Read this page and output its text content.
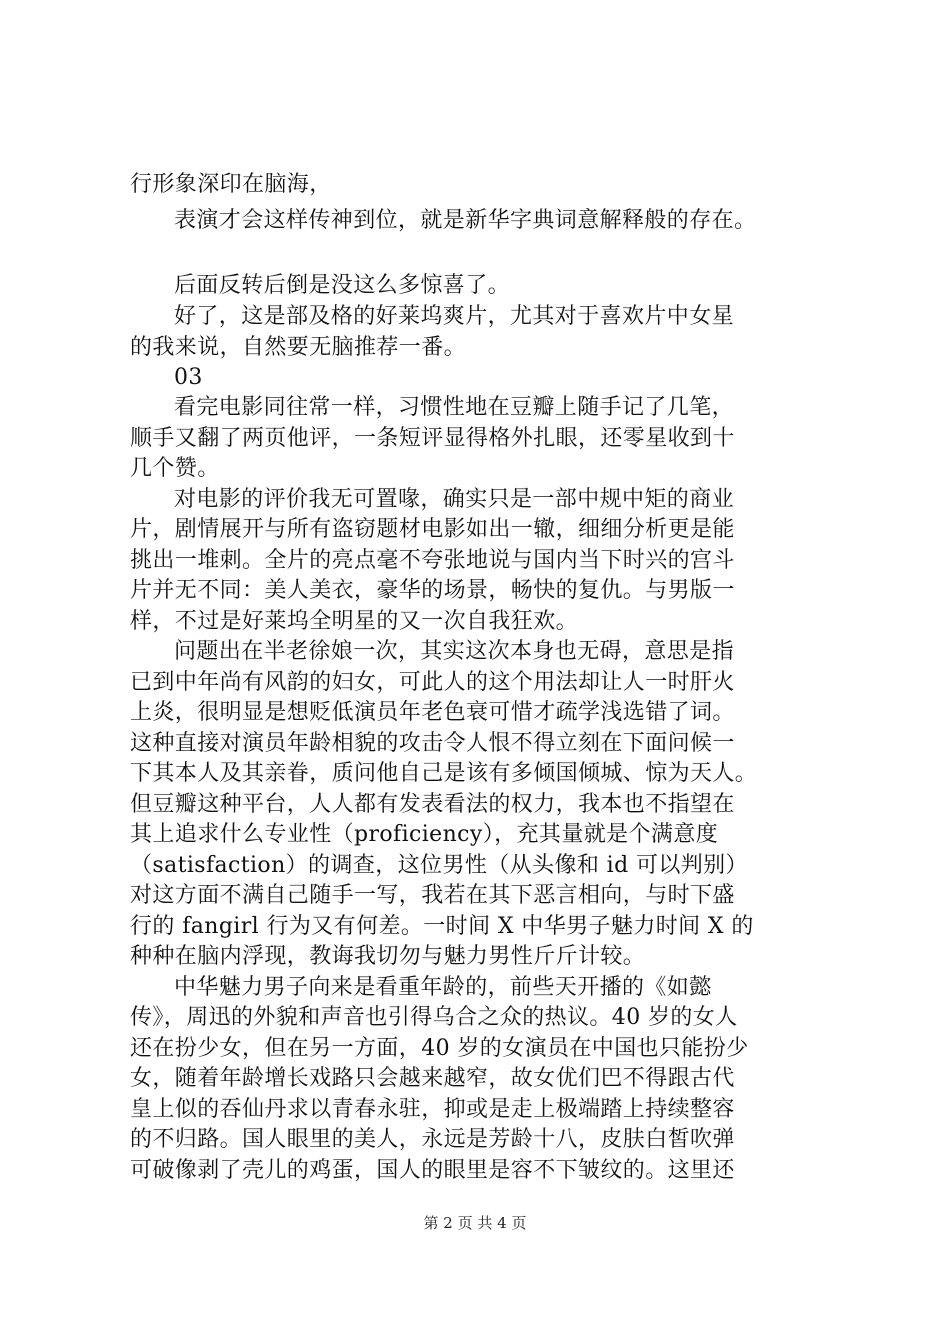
行形象深印在脑海，
表演才会这样传神到位，就是新华字典词意解释般的存在。
后面反转后倒是没这么多惊喜了。
好了，这是部及格的好莱坞爽片，尤其对于喜欢片中女星
的我来说，自然要无脑推荐一番。
03
看完电影同往常一样，习惯性地在豆瓣上随手记了几笔，
顺手又翻了两页他评，一条短评显得格外扎眼，还零星收到十
几个赞。
对电影的评价我无可置喙，确实只是一部中规中矩的商业
片，剧情展开与所有盗窃题材电影如出一辙，细细分析更是能
挑出一堆刺。全片的亮点毫不夸张地说与国内当下时兴的宫斗
片并无不同：美人美衣，豪华的场景，畅快的复仇。与男版一
样，不过是好莱坞全明星的又一次自我狂欢。
问题出在半老徐娘一次，其实这次本身也无碍，意思是指
已到中年尚有风韵的妇女，可此人的这个用法却让人一时肝火
上炎，很明显是想贬低演员年老色衰可惜才疏学浅选错了词。
这种直接对演员年龄相貌的攻击令人恨不得立刻在下面问候一
下其本人及其亲眷，质问他自己是该有多倾国倾城、惊为天人。
但豆瓣这种平台，人人都有发表看法的权力，我本也不指望在
其上追求什么专业性（proficiency），充其量就是个满意度
（satisfaction）的调查，这位男性（从头像和 id 可以判别）
对这方面不满自己随手一写，我若在其下恶言相向，与时下盛
行的 fangirl 行为又有何差。一时间 X 中华男子魅力时间 X 的
种种在脑内浮现，教诲我切勿与魅力男性斤斤计较。
中华魅力男子向来是看重年龄的，前些天开播的《如懿
传》，周迅的外貌和声音也引得乌合之众的热议。40 岁的女人
还在扮少女，但在另一方面，40 岁的女演员在中国也只能扮少
女，随着年龄增长戏路只会越来越窄，故女优们巴不得跟古代
皇上似的吞仙丹求以青春永驻，抑或是走上极端踏上持续整容
的不归路。国人眼里的美人，永远是芳龄十八，皮肤白皙吹弹
可破像剥了壳儿的鸡蛋，国人的眼里是容不下皱纹的。这里还
第 2 页 共 4 页
